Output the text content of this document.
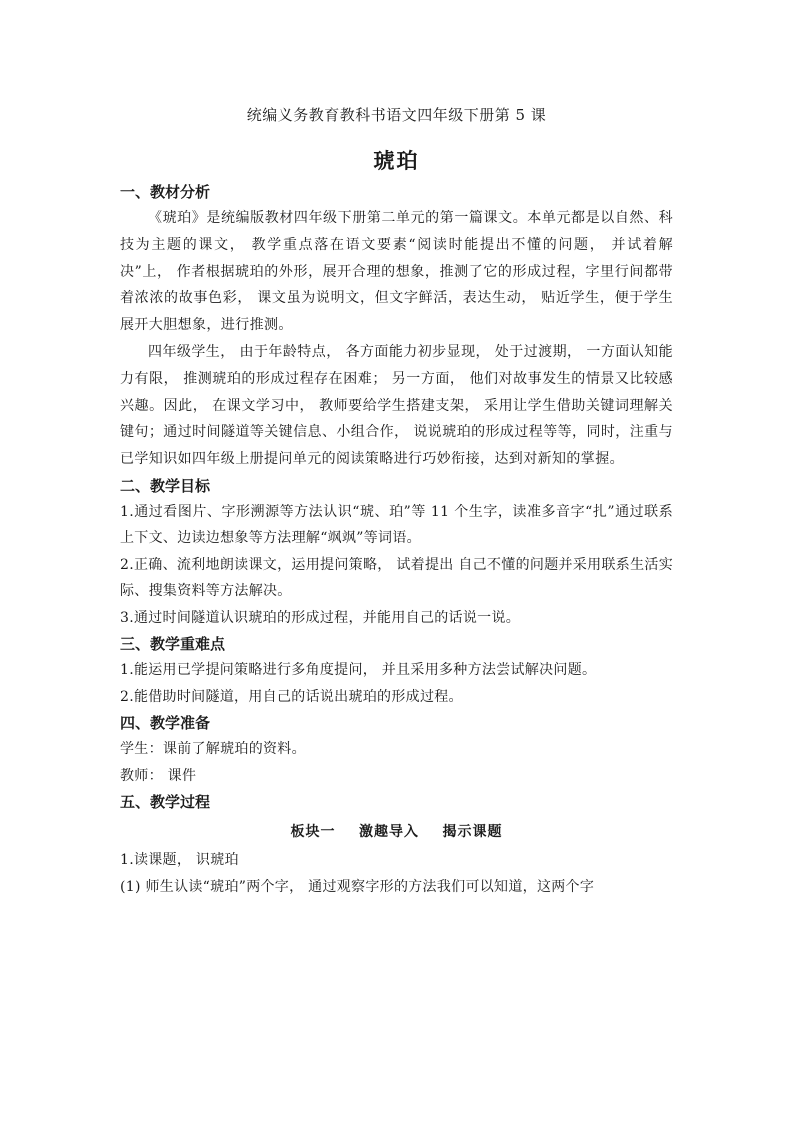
统编义务教育教科书语文四年级下册第 5 课

琥珀
一、教材分析

《琥珀》是统编版教材四年级下册第二单元的第一篇课文。本单元都是以自然、科技为主题的课文， 教学重点落在语文要素“阅读时能提出不懂的问题， 并试着解决”上， 作者根据琥珀的外形，展开合理的想象，推测了它的形成过程，字里行间都带着浓浓的故事色彩， 课文虽为说明文，但文字鲜活，表达生动， 贴近学生，便于学生展开大胆想象，进行推测。

四年级学生， 由于年龄特点， 各方面能力初步显现， 处于过渡期， 一方面认知能力有限， 推测琥珀的形成过程存在困难； 另一方面， 他们对故事发生的情景又比较感兴趣。因此， 在课文学习中， 教师要给学生搭建支架， 采用让学生借助关键词理解关键句；通过时间隧道等关键信息、小组合作， 说说琥珀的形成过程等等，同时，注重与已学知识如四年级上册提问单元的阅读策略进行巧妙衔接，达到对新知的掌握。

二、教学目标

1.通过看图片、字形溯源等方法认识“琥、珀”等 11 个生字，读准多音字“扎”通过联系上下文、边读边想象等方法理解“飒飒”等词语。

2.正确、流利地朗读课文，运用提问策略， 试着提出 自己不懂的问题并采用联系生活实际、搜集资料等方法解决。

3.通过时间隧道认识琥珀的形成过程，并能用自己的话说一说。

三、教学重难点

1.能运用已学提问策略进行多角度提问， 并且采用多种方法尝试解决问题。

2.能借助时间隧道，用自己的话说出琥珀的形成过程。

四、教学准备

学生：课前了解琥珀的资料。

教师： 课件

五、教学过程

板块一    激趣导入    揭示课题

1.读课题， 识琥珀

(1) 师生认读“琥珀”两个字， 通过观察字形的方法我们可以知道，这两个字
